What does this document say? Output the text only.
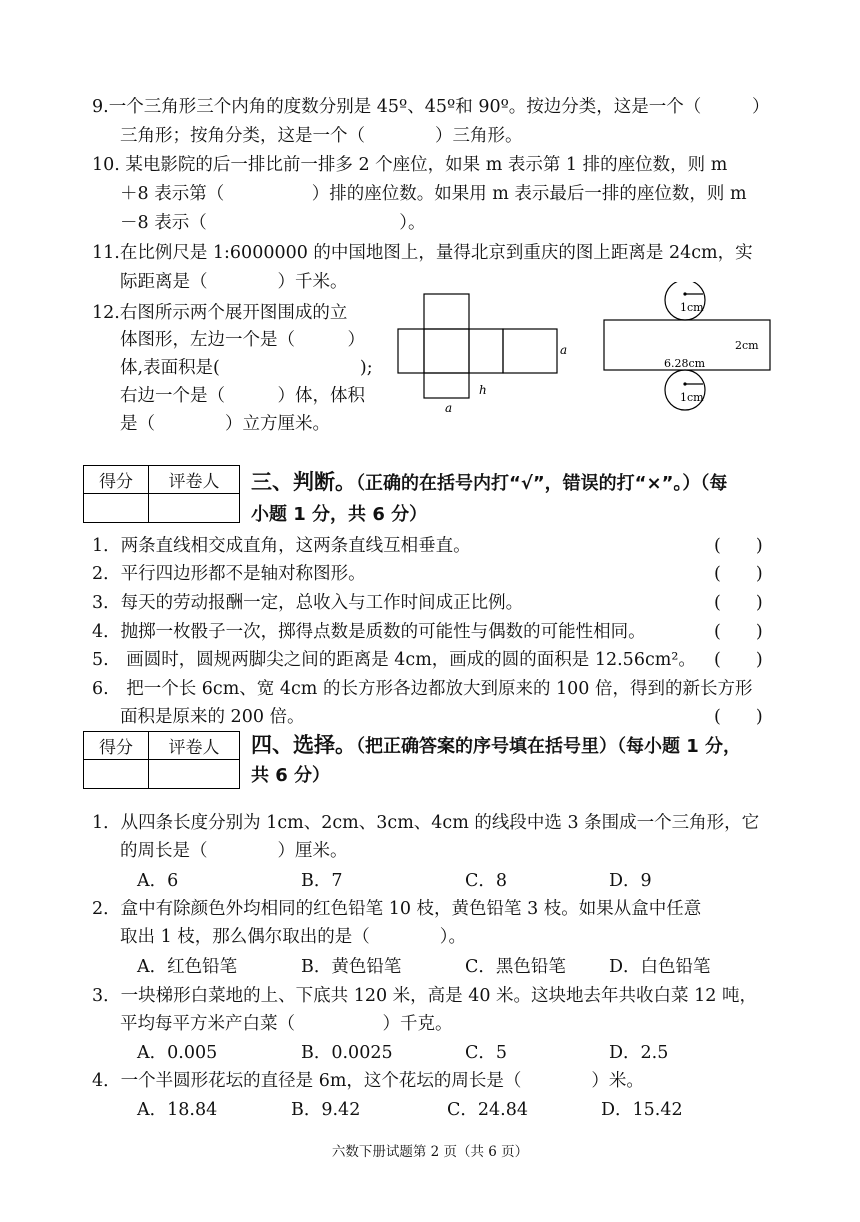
9.一个三角形三个内角的度数分别是 45º、45º和 90º。按边分类，这是一个（	）
三角形；按角分类，这是一个（　　　　）三角形。
10. 某电影院的后一排比前一排多 2 个座位，如果 m 表示第 1 排的座位数，则 m
＋8 表示第（　　　　　）排的座位数。如果用 m 表示最后一排的座位数，则 m
－8 表示（　　　　　　　　　　　）。
11.在比例尺是 1:6000000 的中国地图上，量得北京到重庆的图上距离是 24cm，实
际距离是（　　　　）千米。
12.右图所示两个展开图围成的立
体图形，左边一个是（　　　）
体,表面积是(　　　　　　　　);
右边一个是（　　　）体，体积
是（　　　　）立方厘米。
a
h
a
1cm
2cm
6.28cm
1cm
得分	评卷人
	三、判断。（正确的在括号内打“√”，错误的打“×”。）（每
小题 1 分，共 6 分）
1．两条直线相交成直角，这两条直线互相垂直。	(　　)
2．平行四边形都不是轴对称图形。	(　　)
3．每天的劳动报酬一定，总收入与工作时间成正比例。	(　　)
4．抛掷一枚骰子一次，掷得点数是质数的可能性与偶数的可能性相同。	(　　)
5.　画圆时，圆规两脚尖之间的距离是 4cm，画成的圆的面积是 12.56cm²。 (　　)
6.　把一个长 6cm、宽 4cm 的长方形各边都放大到原来的 100 倍，得到的新长方形
面积是原来的 200 倍。	(　　)
得分	评卷人
	四、选择。（把正确答案的序号填在括号里）（每小题 1 分，
共 6 分）
1．从四条长度分别为 1cm、2cm、3cm、4cm 的线段中选 3 条围成一个三角形，它
的周长是（　　　　）厘米。
A．6	B．7	C．8	D．9
2．盒中有除颜色外均相同的红色铅笔 10 枝，黄色铅笔 3 枝。如果从盒中任意
取出 1 枝，那么偶尔取出的是（　　　　）。
A．红色铅笔	B．黄色铅笔	C．黑色铅笔 D．白色铅笔
3．一块梯形白菜地的上、下底共 120 米，高是 40 米。这块地去年共收白菜 12 吨，
平均每平方米产白菜（　　　　　）千克。
A．0.005	B．0.0025	C．5	D．2.5
4．一个半圆形花坛的直径是 6m，这个花坛的周长是（　　　　）米。
A．18.84	B．9.42	C．24.84	D．15.42
六数下册试题第 2 页（共 6 页）
